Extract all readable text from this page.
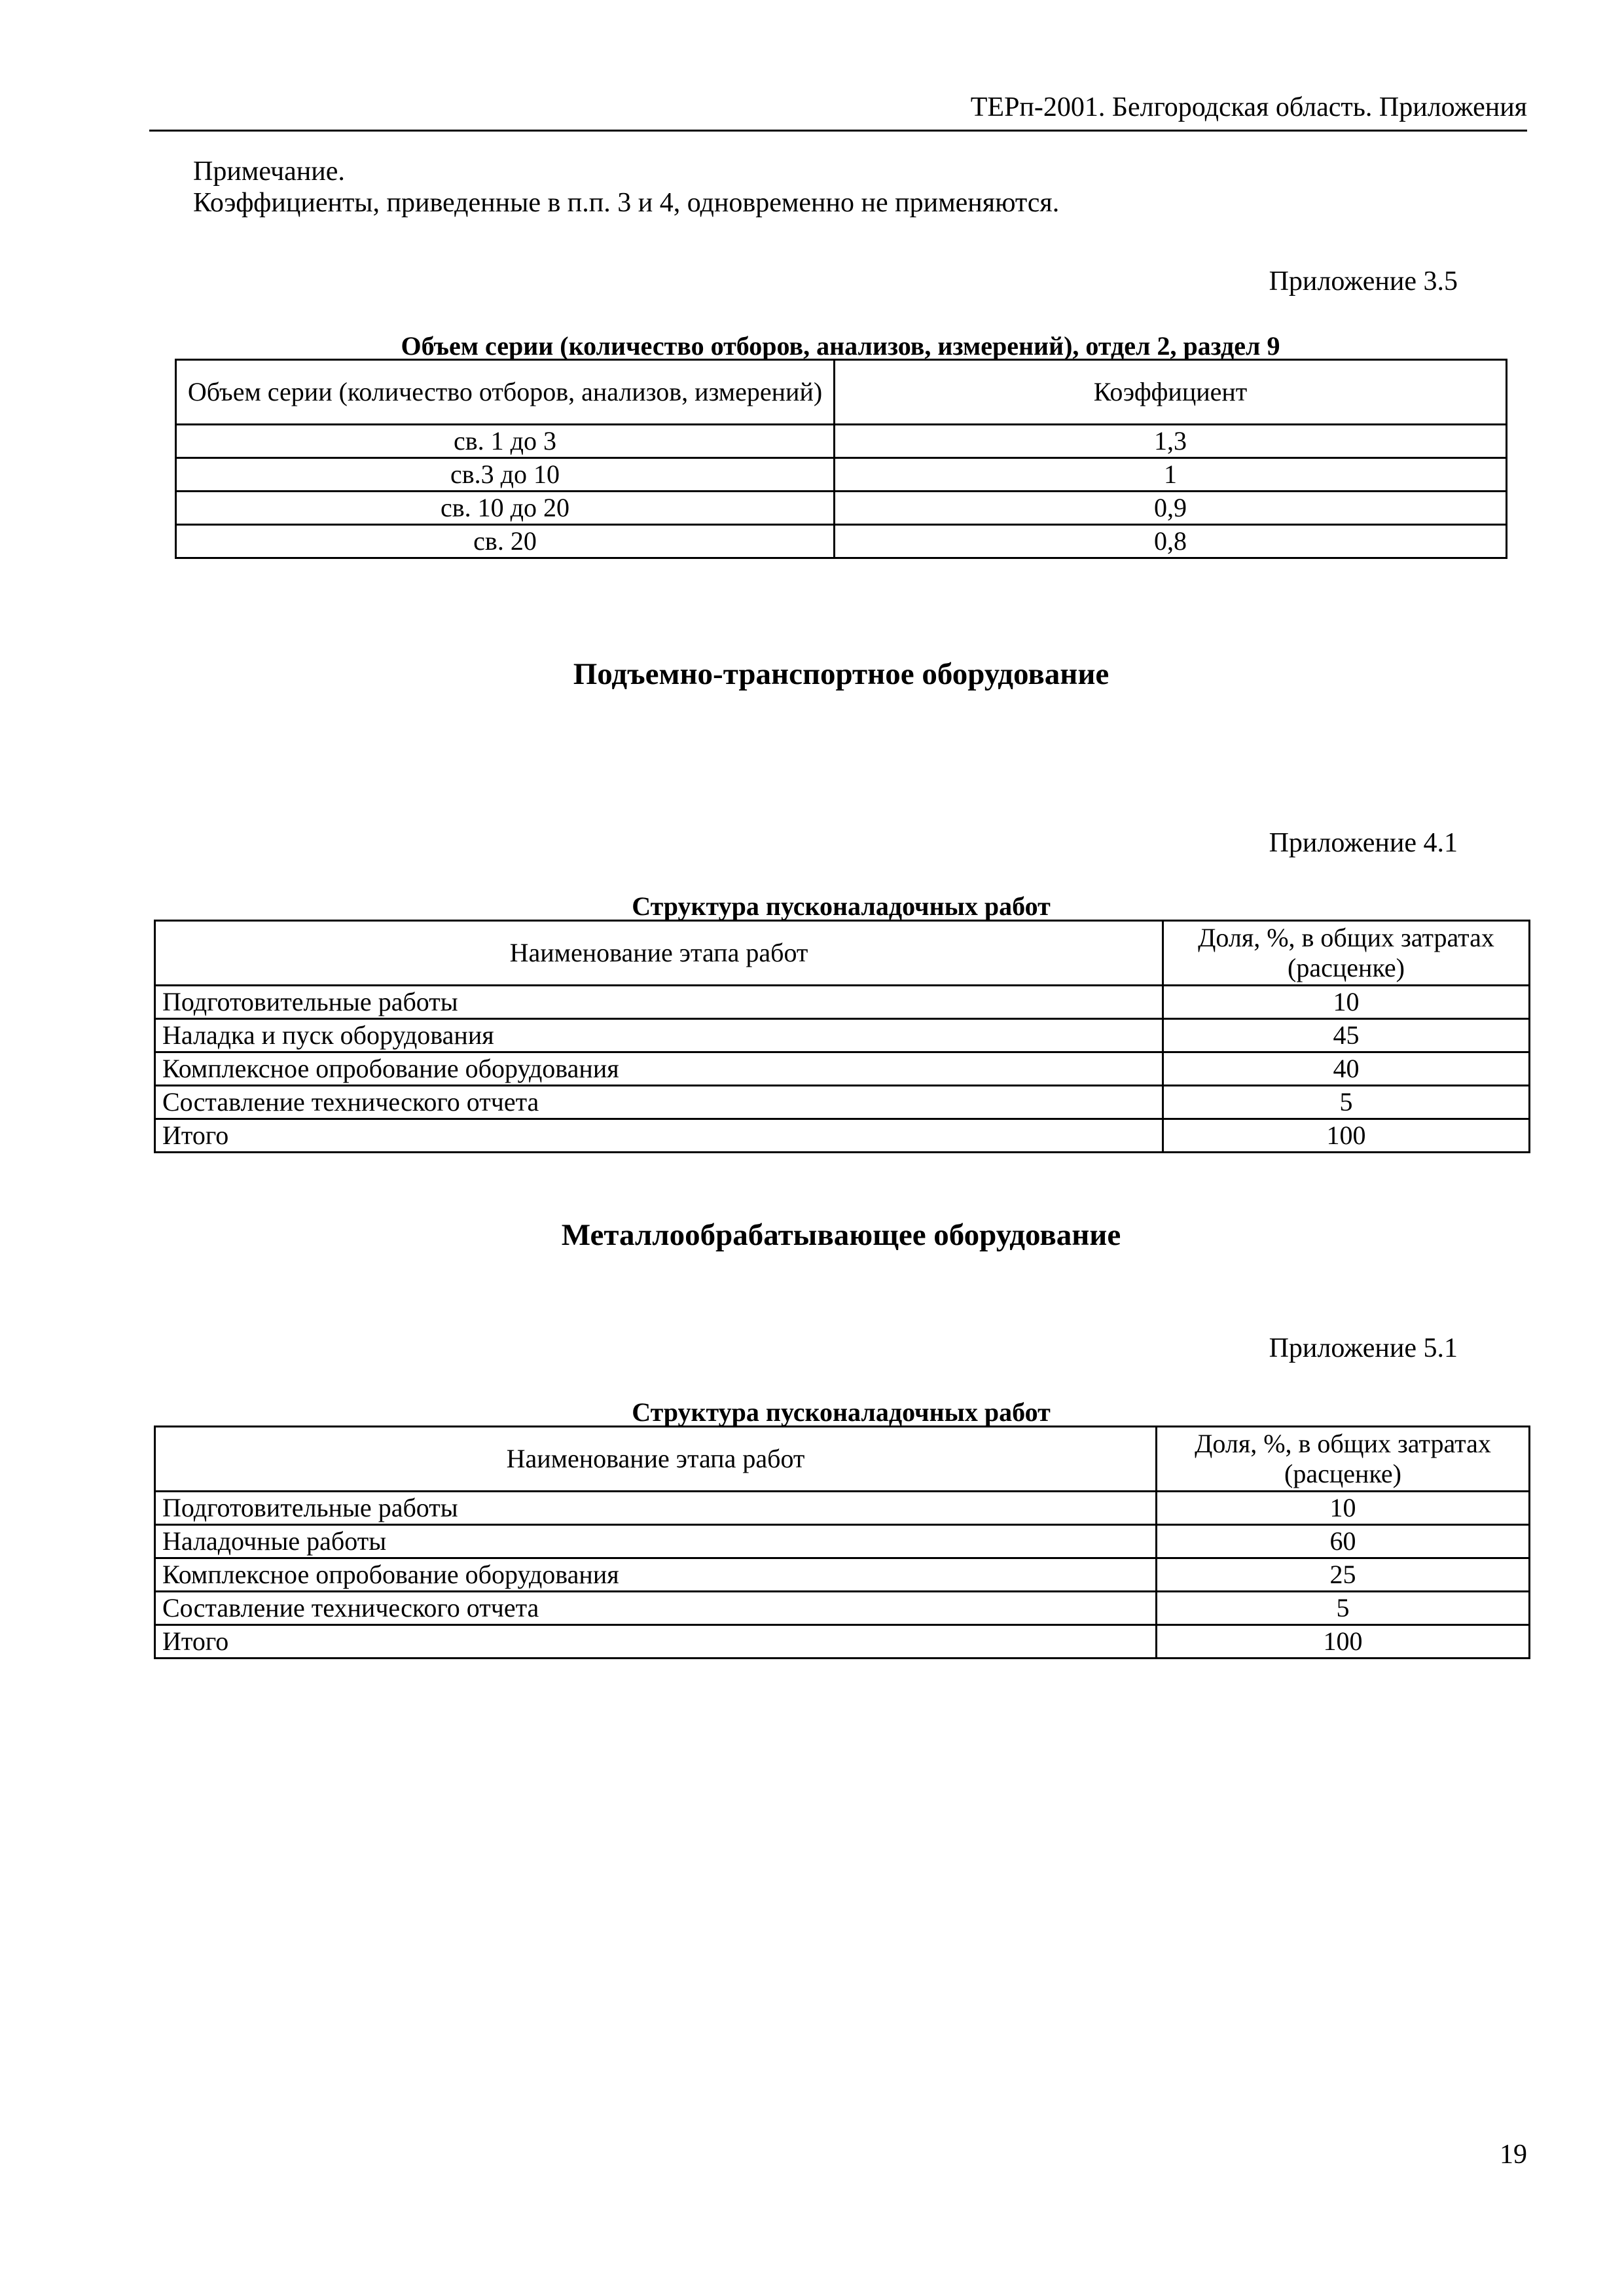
ТЕРп-2001. Белгородская область. Приложения
Примечание.
Коэффициенты, приведенные в п.п. 3 и 4, одновременно не применяются.
Приложение 3.5
Объем серии (количество отборов, анализов, измерений), отдел 2, раздел 9
Объем серии (количество отборов, анализов, измерений)	Коэффициент
св. 1 до 3	1,3
св.3 до 10	1
св. 10 до 20	0,9
св. 20	0,8
Подъемно-транспортное оборудование
Приложение 4.1
Структура пусконаладочных работ
Наименование этапа работ	Доля, %, в общих затратах (расценке)
Подготовительные работы	10
Наладка и пуск оборудования	45
Комплексное опробование оборудования	40
Составление технического отчета	5
Итого	100
Металлообрабатывающее оборудование
Приложение 5.1
Структура пусконаладочных работ
Наименование этапа работ	Доля, %, в общих затратах (расценке)
Подготовительные работы	10
Наладочные работы	60
Комплексное опробование оборудования	25
Составление технического отчета	5
Итого	100
19
